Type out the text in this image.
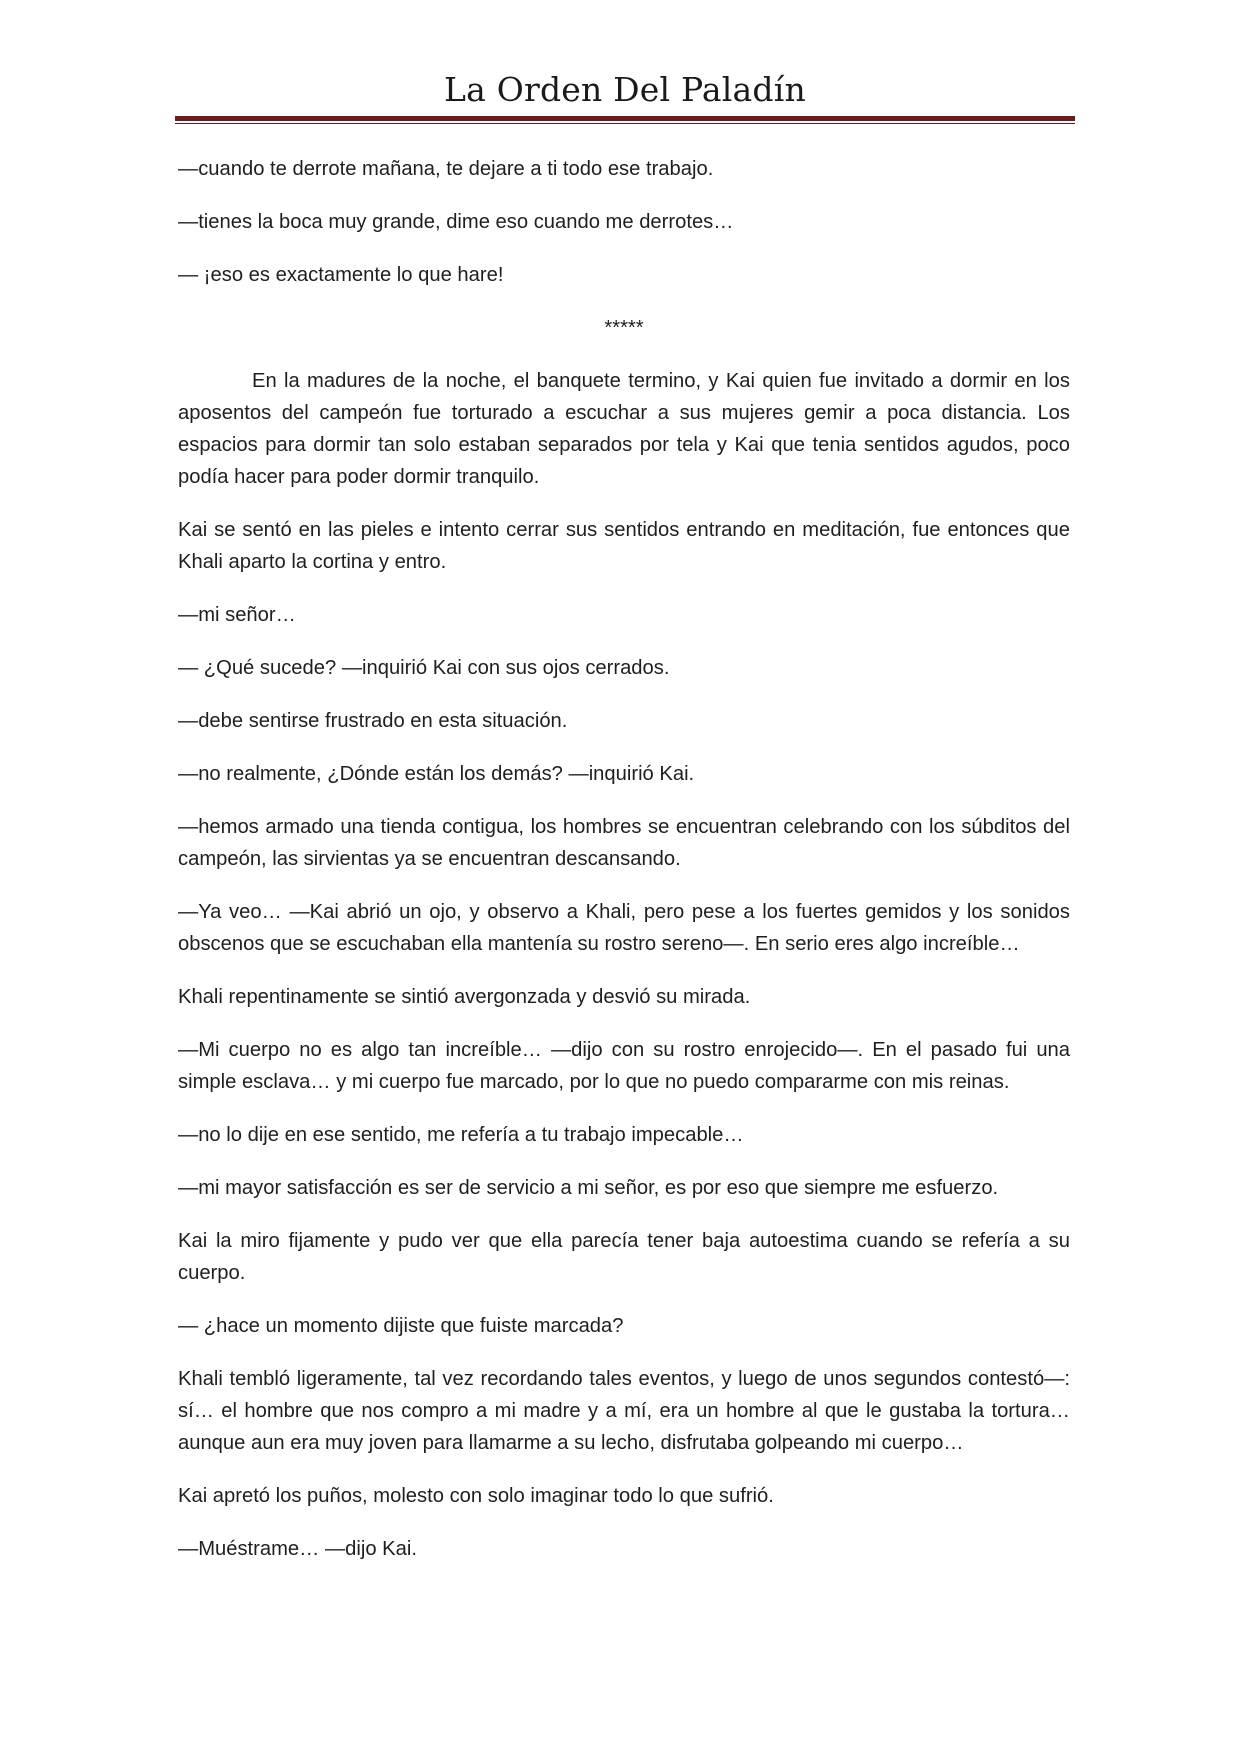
La Orden Del Paladín

—cuando te derrote mañana, te dejare a ti todo ese trabajo.

—tienes la boca muy grande, dime eso cuando me derrotes…

— ¡eso es exactamente lo que hare!

*****

En la madures de la noche, el banquete termino, y Kai quien fue invitado a dormir en los aposentos del campeón fue torturado a escuchar a sus mujeres gemir a poca distancia. Los espacios para dormir tan solo estaban separados por tela y Kai que tenia sentidos agudos, poco podía hacer para poder dormir tranquilo.

Kai se sentó en las pieles e intento cerrar sus sentidos entrando en meditación, fue entonces que Khali aparto la cortina y entro.

—mi señor…

— ¿Qué sucede? —inquirió Kai con sus ojos cerrados.

—debe sentirse frustrado en esta situación.

—no realmente, ¿Dónde están los demás? —inquirió Kai.

—hemos armado una tienda contigua, los hombres se encuentran celebrando con los súbditos del campeón, las sirvientas ya se encuentran descansando.

—Ya veo… —Kai abrió un ojo, y observo a Khali, pero pese a los fuertes gemidos y los sonidos obscenos que se escuchaban ella mantenía su rostro sereno—. En serio eres algo increíble…

Khali repentinamente se sintió avergonzada y desvió su mirada.

—Mi cuerpo no es algo tan increíble… —dijo con su rostro enrojecido—. En el pasado fui una simple esclava… y mi cuerpo fue marcado, por lo que no puedo compararme con mis reinas.

—no lo dije en ese sentido, me refería a tu trabajo impecable…

—mi mayor satisfacción es ser de servicio a mi señor, es por eso que siempre me esfuerzo.

Kai la miro fijamente y pudo ver que ella parecía tener baja autoestima cuando se refería a su cuerpo.

— ¿hace un momento dijiste que fuiste marcada?

Khali tembló ligeramente, tal vez recordando tales eventos, y luego de unos segundos contestó—: sí… el hombre que nos compro a mi madre y a mí, era un hombre al que le gustaba la tortura… aunque aun era muy joven para llamarme a su lecho, disfrutaba golpeando mi cuerpo…

Kai apretó los puños, molesto con solo imaginar todo lo que sufrió.

—Muéstrame… —dijo Kai.
